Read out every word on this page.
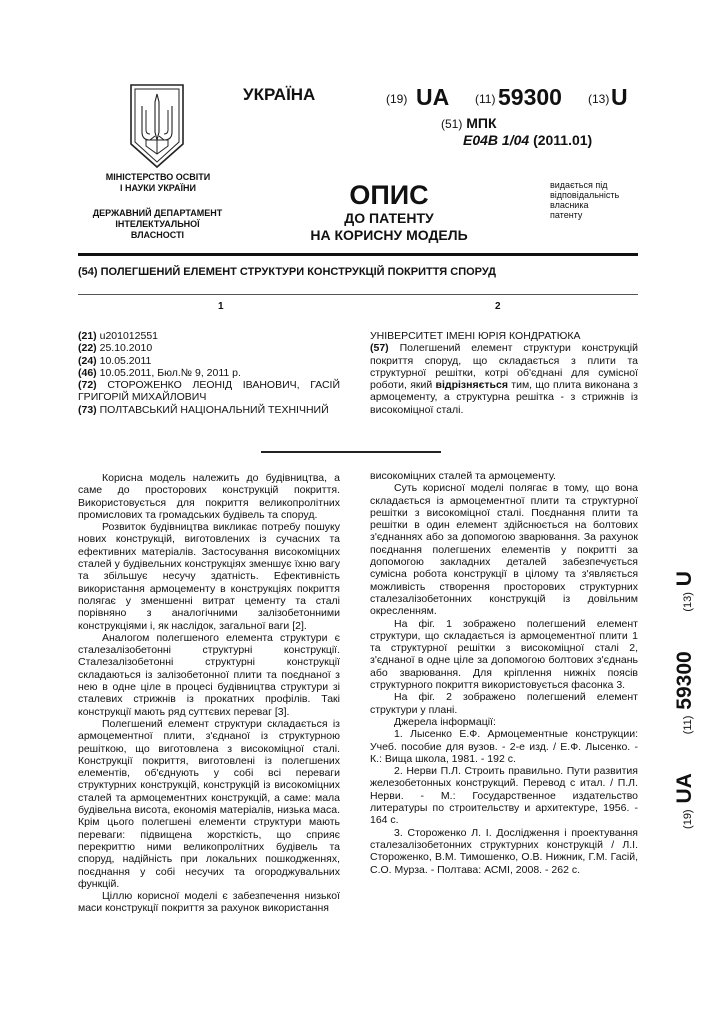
МІНІСТЕРСТВО ОСВІТИ
І НАУКИ УКРАЇНИ
ДЕРЖАВНИЙ ДЕПАРТАМЕНТ
ІНТЕЛЕКТУАЛЬНОЇ
ВЛАСНОСТІ
УКРАЇНА	(19) UA (11) 59300 (13) U
(51) МПК
E04B 1/04 (2011.01)
ОПИС
ДО ПАТЕНТУ
НА КОРИСНУ МОДЕЛЬ
видається під
відповідальність
власника
патенту
(54) ПОЛЕГШЕНИЙ ЕЛЕМЕНТ СТРУКТУРИ КОНСТРУКЦІЙ ПОКРИТТЯ СПОРУД
1	2
(21) u201012551
(22) 25.10.2010
(24) 10.05.2011
(46) 10.05.2011, Бюл.№ 9, 2011 р.
(72) СТОРОЖЕНКО ЛЕОНІД ІВАНОВИЧ, ГАСІЙ
ГРИГОРІЙ МИХАЙЛОВИЧ
(73) ПОЛТАВСЬКИЙ НАЦІОНАЛЬНИЙ ТЕХНІЧНИЙ
УНІВЕРСИТЕТ ІМЕНІ ЮРІЯ КОНДРАТЮКА
(57) Полегшений елемент структури конструкцій покриття споруд, що складається з плити та структурної решітки, котрі об'єднані для сумісної роботи, який відрізняється тим, що плита виконана з армоцементу, а структурна решітка - з стрижнів із високоміцної сталі.

Корисна модель належить до будівництва, а саме до просторових конструкцій покриття. Використовується для покриття великопролітних промислових та громадських будівель та споруд.

Розвиток будівництва викликає потребу пошуку нових конструкцій, виготовлених із сучасних та ефективних матеріалів. Застосування високоміцних сталей у будівельних конструкціях зменшує їхню вагу та збільшує несучу здатність. Ефективність використання армоцементу в конструкціях покриття полягає у зменшенні витрат цементу та сталі порівняно з аналогічними залізобетонними конструкціями і, як наслідок, загальної ваги [2].

Аналогом полегшеного елемента структури є сталезалізобетонні структурні конструкції. Сталезалізобетонні структурні конструкції складаються із залізобетонної плити та поєднаної з нею в одне ціле в процесі будівництва структури зі сталевих стрижнів із прокатних профілів. Такі конструкції мають ряд суттєвих переваг [3].

Полегшений елемент структури складається із армоцементної плити, з'єднаної із структурною решіткою, що виготовлена з високоміцної сталі. Конструкції покриття, виготовлені із полегшених елементів, об'єднують у собі всі переваги структурних конструкцій, конструкцій із високоміцних сталей та армоцементних конструкцій, а саме: мала будівельна висота, економія матеріалів, низька маса. Крім цього полегшені елементи структури мають переваги: підвищена жорсткість, що сприяє перекриттю ними великопролітних будівель та споруд, надійність при локальних пошкодженнях, поєднання у собі несучих та огороджувальних функцій.

Ціллю корисної моделі є забезпечення низької маси конструкції покриття за рахунок використання

високоміцних сталей та армоцементу.

Суть корисної моделі полягає в тому, що вона складається із армоцементної плити та структурної решітки з високоміцної сталі. Поєднання плити та решітки в один елемент здійснюється на болтових з'єднаннях або за допомогою зварювання. За рахунок поєднання полегшених елементів у покритті за допомогою закладних деталей забезпечується сумісна робота конструкції в цілому та з'являється можливість створення просторових структурних сталезалізобетонних конструкцій із довільним окресленням.

На фіг. 1 зображено полегшений елемент структури, що складається із армоцементної плити 1 та структурної решітки з високоміцної сталі 2, з'єднаної в одне ціле за допомогою болтових з'єднань або зварювання. Для кріплення нижніх поясів структурного покриття використовується фасонка 3.

На фіг. 2 зображено полегшений елемент структури у плані.

Джерела інформації:

1. Лысенко Е.Ф. Армоцементные конструкции: Учеб. пособие для вузов. - 2-е изд. / Е.Ф. Лысенко. - К.: Вища школа, 1981. - 192 с.

2. Нерви П.Л. Строить правильно. Пути развития железобетонных конструкций. Перевод с итал. / П.Л. Нерви. - М.: Государственное издательство литературы по строительству и архитектуре, 1956. - 164 с.

3. Стороженко Л. І. Дослідження і проектування сталезалізобетонних структурних конструкцій / Л.І. Стороженко, В.М. Тимошенко, О.В. Нижник, Г.М. Гасій, С.О. Мурза. - Полтава: АСМІ, 2008. - 262 с.

(19) UA  (11) 59300  (13) U
